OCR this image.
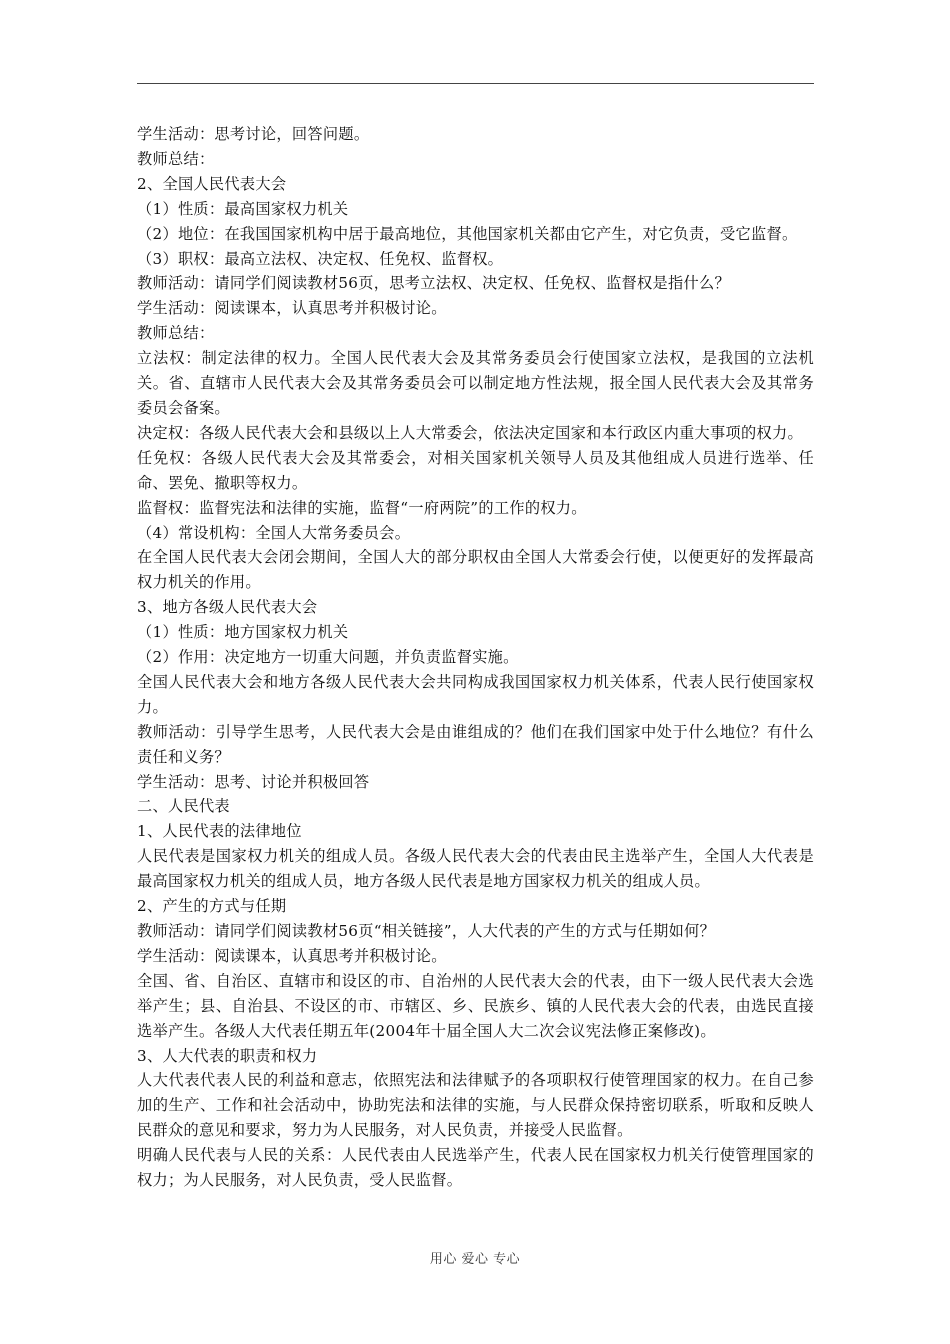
学生活动：思考讨论，回答问题。

教师总结：

2、全国人民代表大会

（1）性质：最高国家权力机关

（2）地位：在我国国家机构中居于最高地位，其他国家机关都由它产生，对它负责，受它监督。

（3）职权：最高立法权、决定权、任免权、监督权。

教师活动：请同学们阅读教材56页，思考立法权、决定权、任免权、监督权是指什么？

学生活动：阅读课本，认真思考并积极讨论。

教师总结：

立法权：制定法律的权力。全国人民代表大会及其常务委员会行使国家立法权，是我国的立法机关。省、直辖市人民代表大会及其常务委员会可以制定地方性法规，报全国人民代表大会及其常务委员会备案。

决定权：各级人民代表大会和县级以上人大常委会，依法决定国家和本行政区内重大事项的权力。

任免权：各级人民代表大会及其常委会，对相关国家机关领导人员及其他组成人员进行选举、任命、罢免、撤职等权力。

监督权：监督宪法和法律的实施，监督“一府两院”的工作的权力。

（4）常设机构：全国人大常务委员会。

在全国人民代表大会闭会期间，全国人大的部分职权由全国人大常委会行使，以便更好的发挥最高权力机关的作用。

3、地方各级人民代表大会

（1）性质：地方国家权力机关

（2）作用：决定地方一切重大问题，并负责监督实施。

全国人民代表大会和地方各级人民代表大会共同构成我国国家权力机关体系，代表人民行使国家权力。

教师活动：引导学生思考，人民代表大会是由谁组成的？他们在我们国家中处于什么地位？有什么责任和义务？

学生活动：思考、讨论并积极回答

二、人民代表

1、人民代表的法律地位

人民代表是国家权力机关的组成人员。各级人民代表大会的代表由民主选举产生，全国人大代表是最高国家权力机关的组成人员，地方各级人民代表是地方国家权力机关的组成人员。

2、产生的方式与任期

教师活动：请同学们阅读教材56页“相关链接”，人大代表的产生的方式与任期如何？

学生活动：阅读课本，认真思考并积极讨论。

全国、省、自治区、直辖市和设区的市、自治州的人民代表大会的代表，由下一级人民代表大会选举产生；县、自治县、不设区的市、市辖区、乡、民族乡、镇的人民代表大会的代表，由选民直接选举产生。各级人大代表任期五年(2004年十届全国人大二次会议宪法修正案修改)。

3、人大代表的职责和权力

人大代表代表人民的利益和意志，依照宪法和法律赋予的各项职权行使管理国家的权力。在自己参加的生产、工作和社会活动中，协助宪法和法律的实施，与人民群众保持密切联系，听取和反映人民群众的意见和要求，努力为人民服务，对人民负责，并接受人民监督。

明确人民代表与人民的关系：人民代表由人民选举产生，代表人民在国家权力机关行使管理国家的权力；为人民服务，对人民负责，受人民监督。

用心 爱心 专心
